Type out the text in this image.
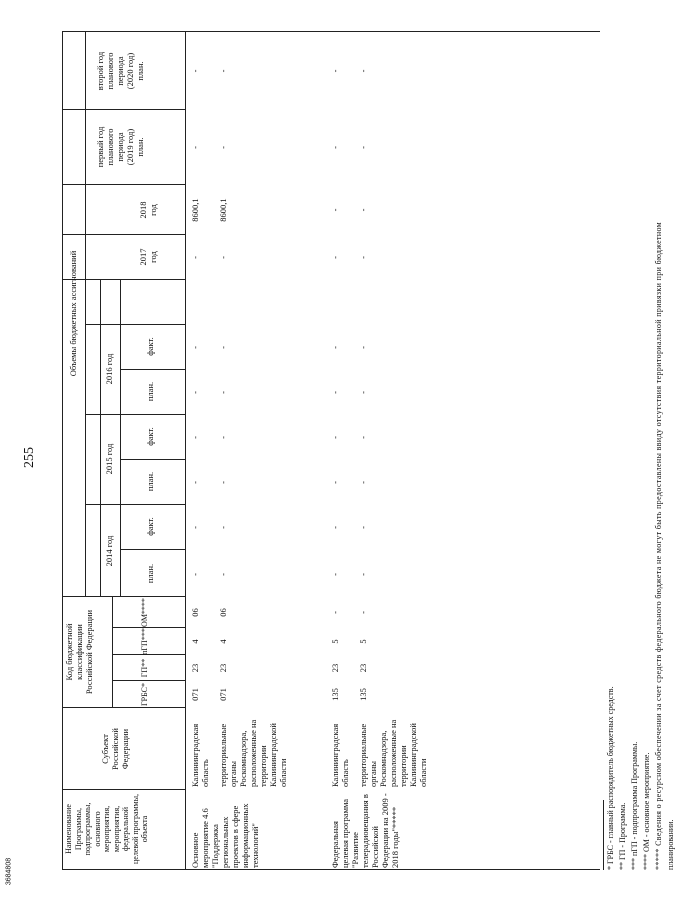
255
Наименование
Программы,
подпрограммы,
основного
мероприятия,
мероприятия,
федеральной
целевой программы,
объекта
Субъект
Российской Федерации
Код бюджетной
классификации
Российской Федерации
ГРБС*
ГП**
пГП***
ОМ****
Объемы бюджетных ассигнований
2014 год
2015 год
2016 год
план.
факт.
план.
факт.
план.
факт.
2017
год
2018
год
первый год
планового
периода
(2019 год)
план.
второй год
планового
периода
(2020 год)
план.
Основное
мероприятие 4.6
"Поддержка
региональных
проектов в сфере
информационных
технологий"
Калининградская
область
071
23
4
06
-
-
-
-
-
-
-
8600,1
-
-
территориальные
органы
Роскомнадзора,
расположенные на
территории
Калининградской
области
071
23
4
06
-
-
-
-
-
-
-
8600,1
-
-
Федеральная
целевая программа
"Развитие
телерадиовещания в
Российской
Федерации на 2009 -
2018 годы"*****
Калининградская
область
135
23
5
-
-
-
-
-
-
-
-
-
-
-
территориальные
органы
Роскомнадзора,
расположенные на
территории
Калининградской
области
135
23
5
-
-
-
-
-
-
-
-
-
-
-
* ГРБС - главный распорядитель бюджетных средств. ** ГП - Программа. *** пГП - подпрограмма Программы. **** ОМ - основное мероприятие. ***** Сведения о ресурсном обеспечении за счет средств федерального бюджета не могут быть предоставлены ввиду отсутствия территориальной привязки при бюджетном планировании.
3684808
